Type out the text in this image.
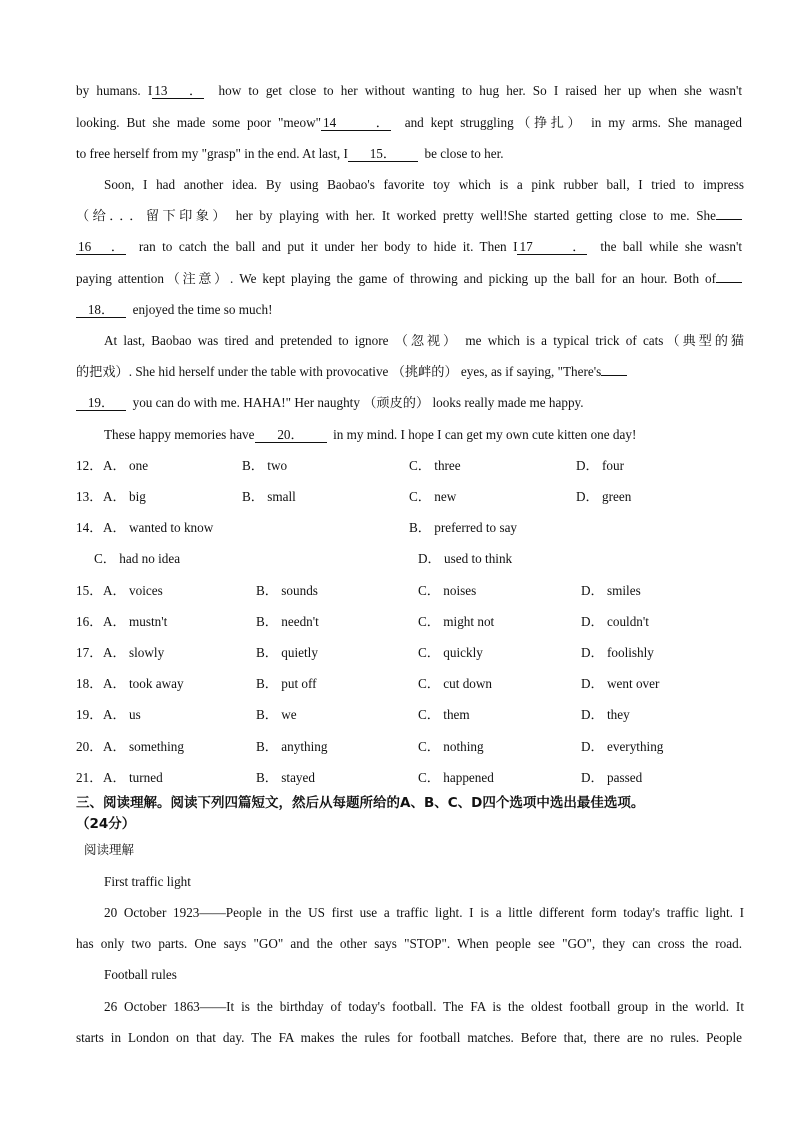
by humans. I 13． how to get close to her without wanting to hug her. So I raised her up when she wasn't
looking. But she made some poor "meow" 14． and kept struggling（挣扎） in my arms. She managed
to free herself from my "grasp" in the end. At last, I 15． be close to her.
Soon, I had another idea. By using Baobao's favorite toy which is a pink rubber ball, I tried to impress
（给．．．留下印象） her by playing with her. It worked pretty well!She started getting close to me. She
16． ran to catch the ball and put it under her body to hide it. Then I 17． the ball while she wasn't
paying attention（注意）. We kept playing the game of throwing and picking up the ball for an hour. Both of
18． enjoyed the time so much!
At last, Baobao was tired and pretended to ignore （忽视） me which is a typical trick of cats（典型的猫
的把戏）. She hid herself under the table with provocative （挑衅的） eyes, as if saying, "There's
19． you can do with me. HAHA!" Her naughty （顽皮的） looks really made me happy.
These happy memories have 20． in my mind. I hope I can get my own cute kitten one day!
12． A． one	B． two	C． three	D． four
13． A． big	B． small	C． new	D． green
14． A． wanted to know	B． preferred to say
C． had no idea	D． used to think
15． A． voices	B． sounds	C． noises	D． smiles
16． A． mustn't	B． needn't	C． might not	D． couldn't
17． A． slowly	B． quietly	C． quickly	D． foolishly
18． A． took away	B． put off	C． cut down	D． went over
19． A． us	B． we	C． them	D． they
20． A． something	B． anything	C． nothing	D． everything
21． A． turned	B． stayed	C． happened	D． passed
三、阅读理解。阅读下列四篇短文，然后从每题所给的A、B、C、D四个选项中选出最佳选项。
（24分）
阅读理解
First traffic light
20 October 1923——People in the US first use a traffic light. I is a little different form today's traffic light. I
has only two parts. One says "GO" and the other says "STOP". When people see "GO", they can cross the road.
Football rules
26 October 1863——It is the birthday of today's football. The FA is the oldest football group in the world. It
starts in London on that day. The FA makes the rules for football matches. Before that, there are no rules. People
